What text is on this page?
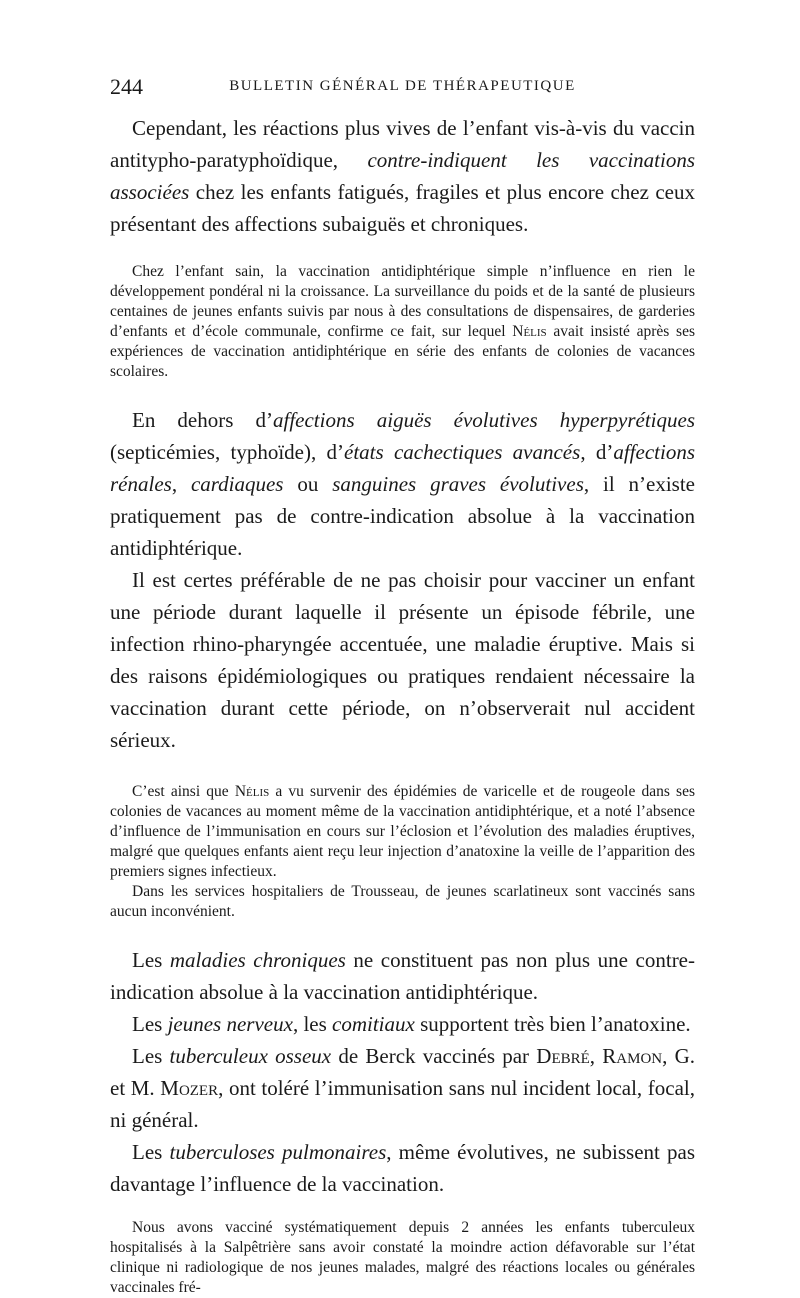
244	BULLETIN GÉNÉRAL DE THÉRAPEUTIQUE

Cependant, les réactions plus vives de l’enfant vis-à-vis du vaccin antitypho-paratyphoïdique, contre-indiquent les vaccinations associées chez les enfants fatigués, fragiles et plus encore chez ceux présentant des affections subaiguës et chroniques.

Chez l’enfant sain, la vaccination antidiphtérique simple n’influence en rien le développement pondéral ni la croissance. La surveillance du poids et de la santé de plusieurs centaines de jeunes enfants suivis par nous à des consultations de dispensaires, de garderies d’enfants et d’école communale, confirme ce fait, sur lequel Nélis avait insisté après ses expériences de vaccination antidiphtérique en série des enfants de colonies de vacances scolaires.

En dehors d’affections aiguës évolutives hyperpyrétiques (septicémies, typhoïde), d’états cachectiques avancés, d’affections rénales, cardiaques ou sanguines graves évolutives, il n’existe pratiquement pas de contre-indication absolue à la vaccination antidiphtérique.

Il est certes préférable de ne pas choisir pour vacciner un enfant une période durant laquelle il présente un épisode fébrile, une infection rhino-pharyngée accentuée, une maladie éruptive. Mais si des raisons épidémiologiques ou pratiques rendaient nécessaire la vaccination durant cette période, on n’observerait nul accident sérieux.

C’est ainsi que Nélis a vu survenir des épidémies de varicelle et de rougeole dans ses colonies de vacances au moment même de la vaccination antidiphtérique, et a noté l’absence d’influence de l’immunisation en cours sur l’éclosion et l’évolution des maladies éruptives, malgré que quelques enfants aient reçu leur injection d’anatoxine la veille de l’apparition des premiers signes infectieux.

Dans les services hospitaliers de Trousseau, de jeunes scarlatineux sont vaccinés sans aucun inconvénient.

Les maladies chroniques ne constituent pas non plus une contre-indication absolue à la vaccination antidiphtérique.

Les jeunes nerveux, les comitiaux supportent très bien l’anatoxine.

Les tuberculeux osseux de Berck vaccinés par Debré, Ramon, G. et M. Mozer, ont toléré l’immunisation sans nul incident local, focal, ni général.

Les tuberculoses pulmonaires, même évolutives, ne subissent pas davantage l’influence de la vaccination.

Nous avons vacciné systématiquement depuis 2 années les enfants tuberculeux hospitalisés à la Salpêtrière sans avoir constaté la moindre action défavorable sur l’état clinique ni radiologique de nos jeunes malades, malgré des réactions locales ou générales vaccinales fré-
